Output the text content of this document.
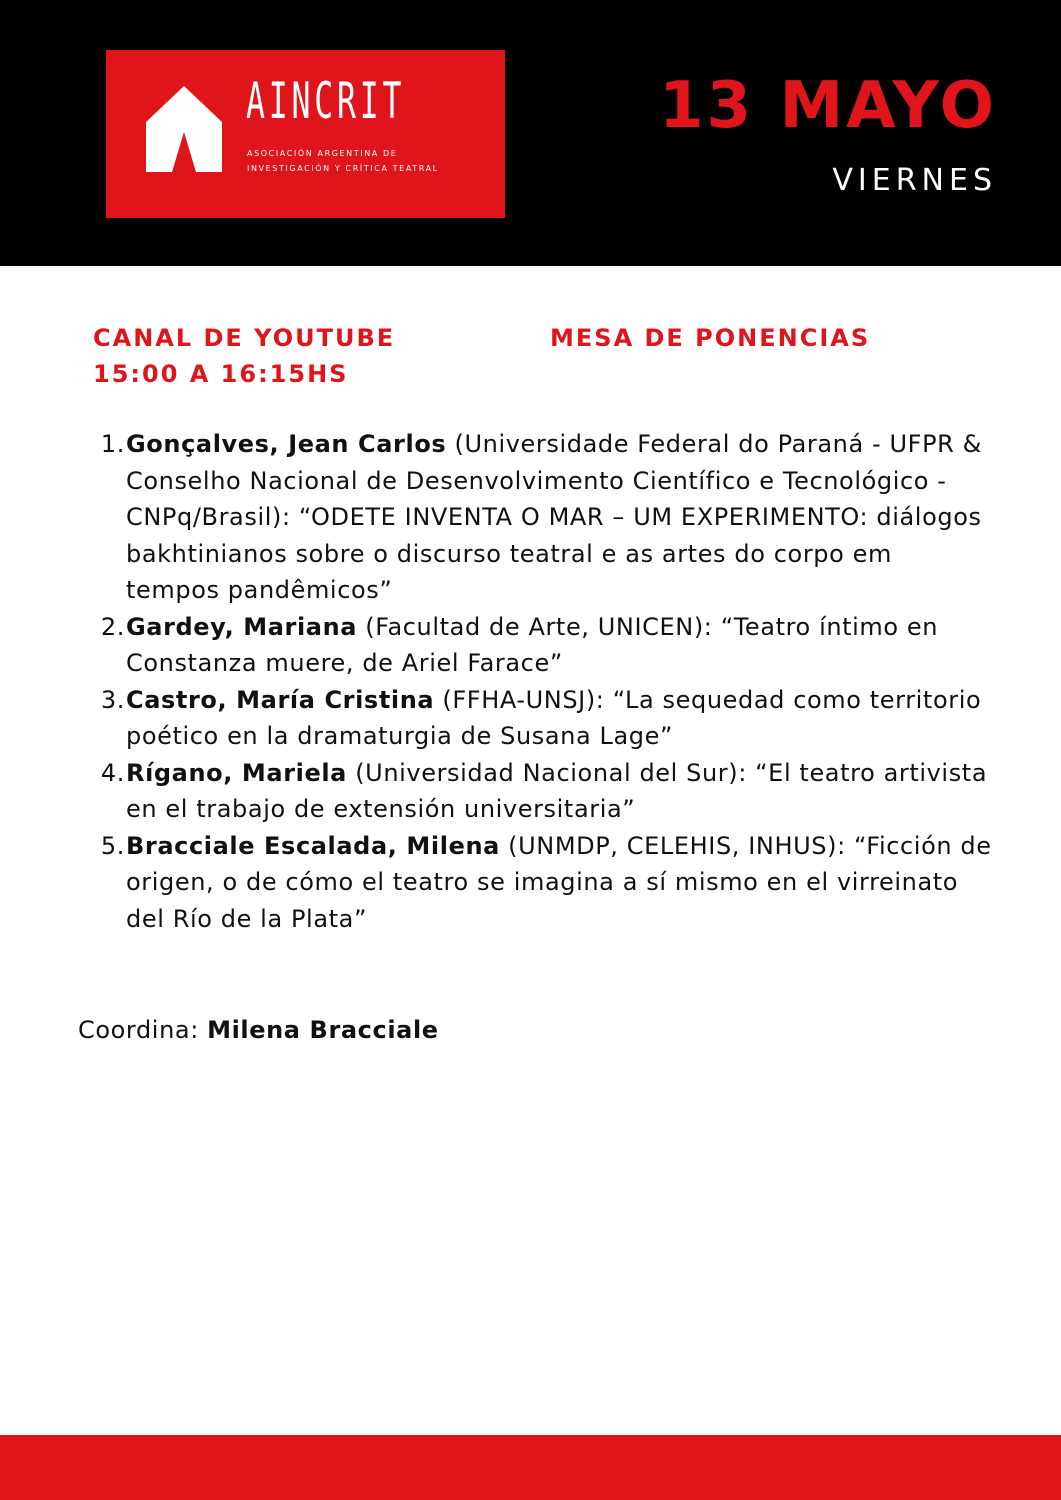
AINCRIT
ASOCIACIÓN ARGENTINA DE
INVESTIGACIÓN Y CRÍTICA TEATRAL
13 MAYO
VIERNES
CANAL DE YOUTUBE
15:00 A 16:15HS
MESA DE PONENCIAS
1. Gonçalves, Jean Carlos (Universidade Federal do Paraná - UFPR & Conselho Nacional de Desenvolvimento Científico e Tecnológico - CNPq/Brasil): “ODETE INVENTA O MAR – UM EXPERIMENTO: diálogos bakhtinianos sobre o discurso teatral e as artes do corpo em tempos pandêmicos”
2. Gardey, Mariana (Facultad de Arte, UNICEN): “Teatro íntimo en Constanza muere, de Ariel Farace”
3. Castro, María Cristina (FFHA-UNSJ): “La sequedad como territorio poético en la dramaturgia de Susana Lage”
4. Rígano, Mariela (Universidad Nacional del Sur): “El teatro artivista en el trabajo de extensión universitaria”
5. Bracciale Escalada, Milena (UNMDP, CELEHIS, INHUS): “Ficción de origen, o de cómo el teatro se imagina a sí mismo en el virreinato del Río de la Plata”
Coordina: Milena Bracciale
